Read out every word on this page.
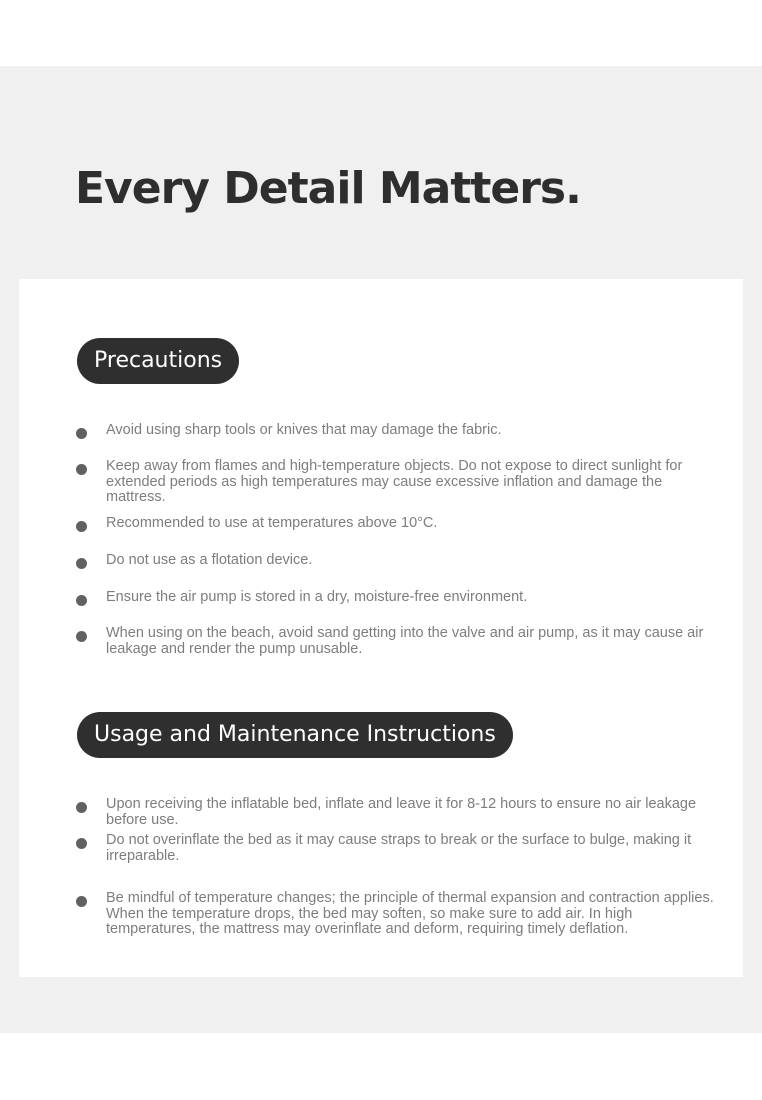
Every Detail Matters.
Precautions

Avoid using sharp tools or knives that may damage the fabric.

Keep away from flames and high-temperature objects. Do not expose to direct sunlight for extended periods as high temperatures may cause excessive inflation and damage the mattress.

Recommended to use at temperatures above 10°C.

Do not use as a flotation device.

Ensure the air pump is stored in a dry, moisture-free environment.

When using on the beach, avoid sand getting into the valve and air pump, as it may cause air leakage and render the pump unusable.

Usage and Maintenance Instructions

Upon receiving the inflatable bed, inflate and leave it for 8-12 hours to ensure no air leakage before use.

Do not overinflate the bed as it may cause straps to break or the surface to bulge, making it irreparable.

Be mindful of temperature changes; the principle of thermal expansion and contraction applies. When the temperature drops, the bed may soften, so make sure to add air. In high temperatures, the mattress may overinflate and deform, requiring timely deflation.
